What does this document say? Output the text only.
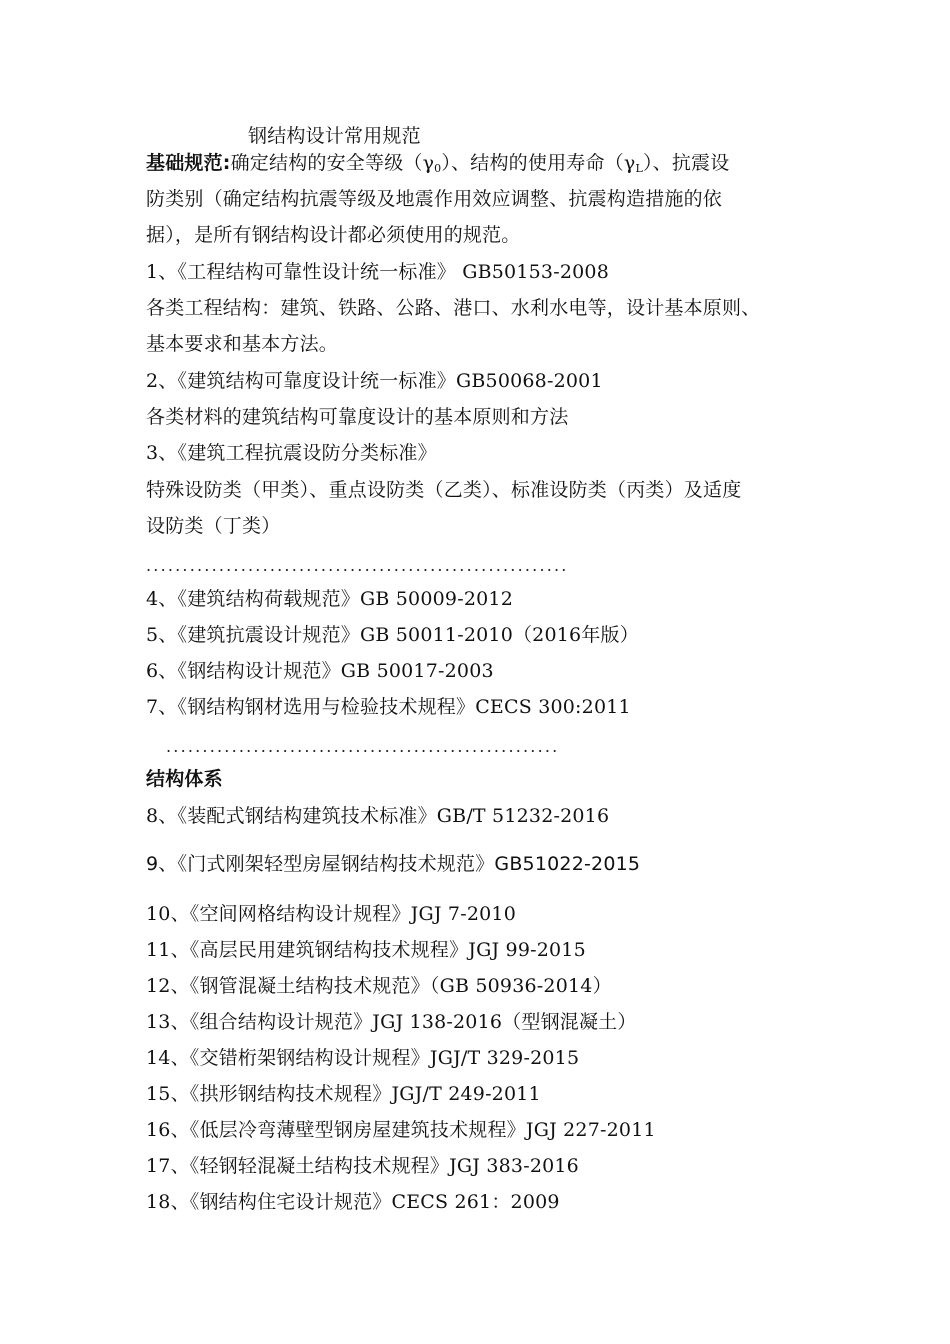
钢结构设计常用规范
基础规范:确定结构的安全等级$(\gamma_0)$、结构的使用寿命$(\gamma_L)$、抗震设
防类别（确定结构抗震等级及地震作用效应调整、抗震构造措施的依
据），是所有钢结构设计都必须使用的规范。
1、《工程结构可靠性设计统一标准》 GB50153-2008
各类工程结构：建筑、铁路、公路、港口、水利水电等，设计基本原则、
基本要求和基本方法。
2、《建筑结构可靠度设计统一标准》GB50068-2001
各类材料的建筑结构可靠度设计的基本原则和方法
3、《建筑工程抗震设防分类标准》
特殊设防类（甲类）、重点设防类（乙类）、标准设防类（丙类）及适度
设防类（丁类）
..........................................................
4、《建筑结构荷载规范》GB 50009-2012
5、《建筑抗震设计规范》GB 50011-2010（2016年版）
6、《钢结构设计规范》GB 50017-2003
7、《钢结构钢材选用与检验技术规程》CECS 300:2011
......................................................
结构体系
8、《装配式钢结构建筑技术标准》GB/T 51232-2016
9、《门式刚架轻型房屋钢结构技术规范》GB51022-2015
10、《空间网格结构设计规程》JGJ 7-2010
11、《高层民用建筑钢结构技术规程》JGJ 99-2015
12、《钢管混凝土结构技术规范》（GB 50936-2014）
13、《组合结构设计规范》JGJ 138-2016（型钢混凝土）
14、《交错桁架钢结构设计规程》JGJ/T 329-2015
15、《拱形钢结构技术规程》JGJ/T 249-2011
16、《低层冷弯薄壁型钢房屋建筑技术规程》JGJ 227-2011
17、《轻钢轻混凝土结构技术规程》JGJ 383-2016
18、《钢结构住宅设计规范》CECS 261：2009
